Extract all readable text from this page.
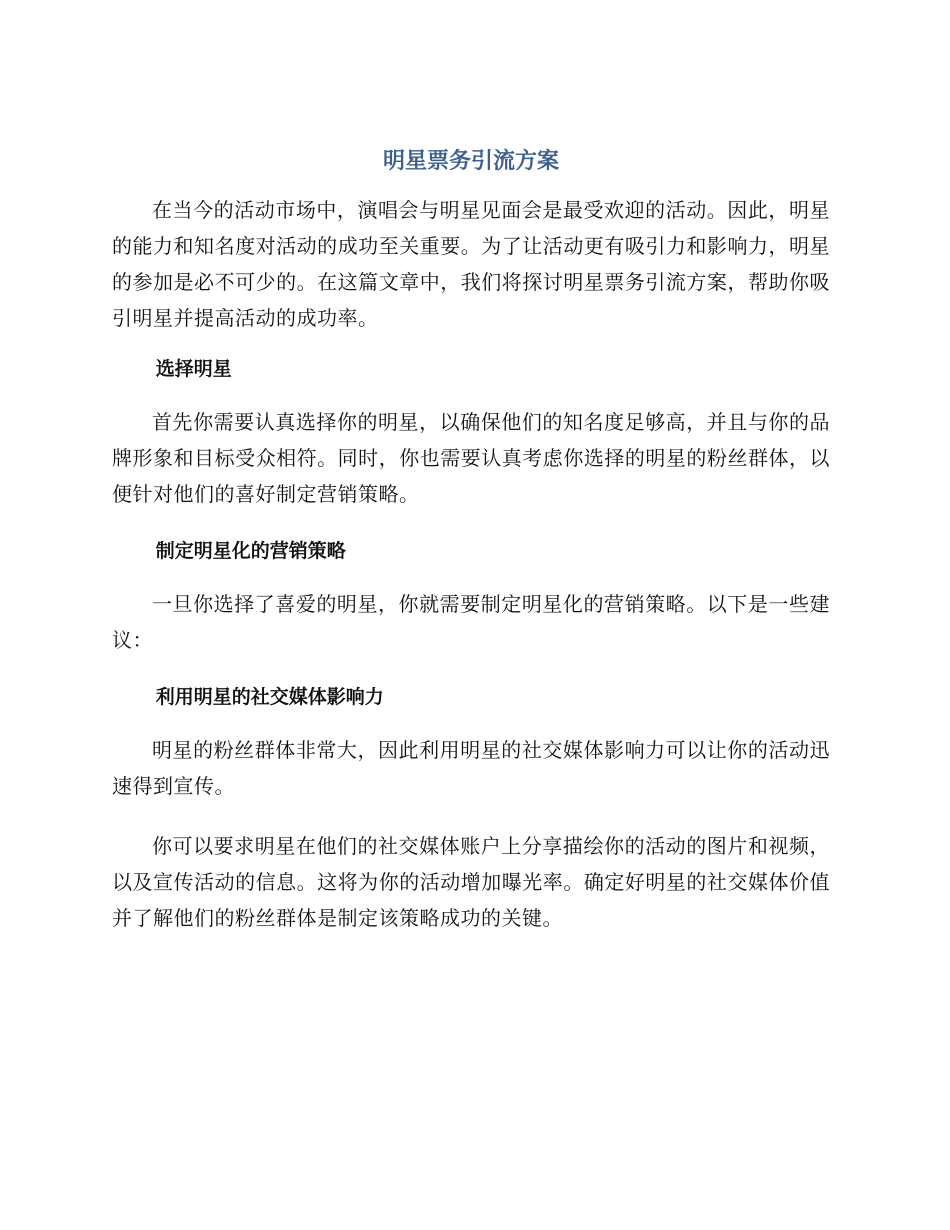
明星票务引流方案

在当今的活动市场中，演唱会与明星见面会是最受欢迎的活动。因此，明星的能力和知名度对活动的成功至关重要。为了让活动更有吸引力和影响力，明星的参加是必不可少的。在这篇文章中，我们将探讨明星票务引流方案，帮助你吸引明星并提高活动的成功率。

选择明星

首先你需要认真选择你的明星，以确保他们的知名度足够高，并且与你的品牌形象和目标受众相符。同时，你也需要认真考虑你选择的明星的粉丝群体，以便针对他们的喜好制定营销策略。

制定明星化的营销策略

一旦你选择了喜爱的明星，你就需要制定明星化的营销策略。以下是一些建议：

利用明星的社交媒体影响力

明星的粉丝群体非常大，因此利用明星的社交媒体影响力可以让你的活动迅速得到宣传。

你可以要求明星在他们的社交媒体账户上分享描绘你的活动的图片和视频，以及宣传活动的信息。这将为你的活动增加曝光率。确定好明星的社交媒体价值并了解他们的粉丝群体是制定该策略成功的关键。
